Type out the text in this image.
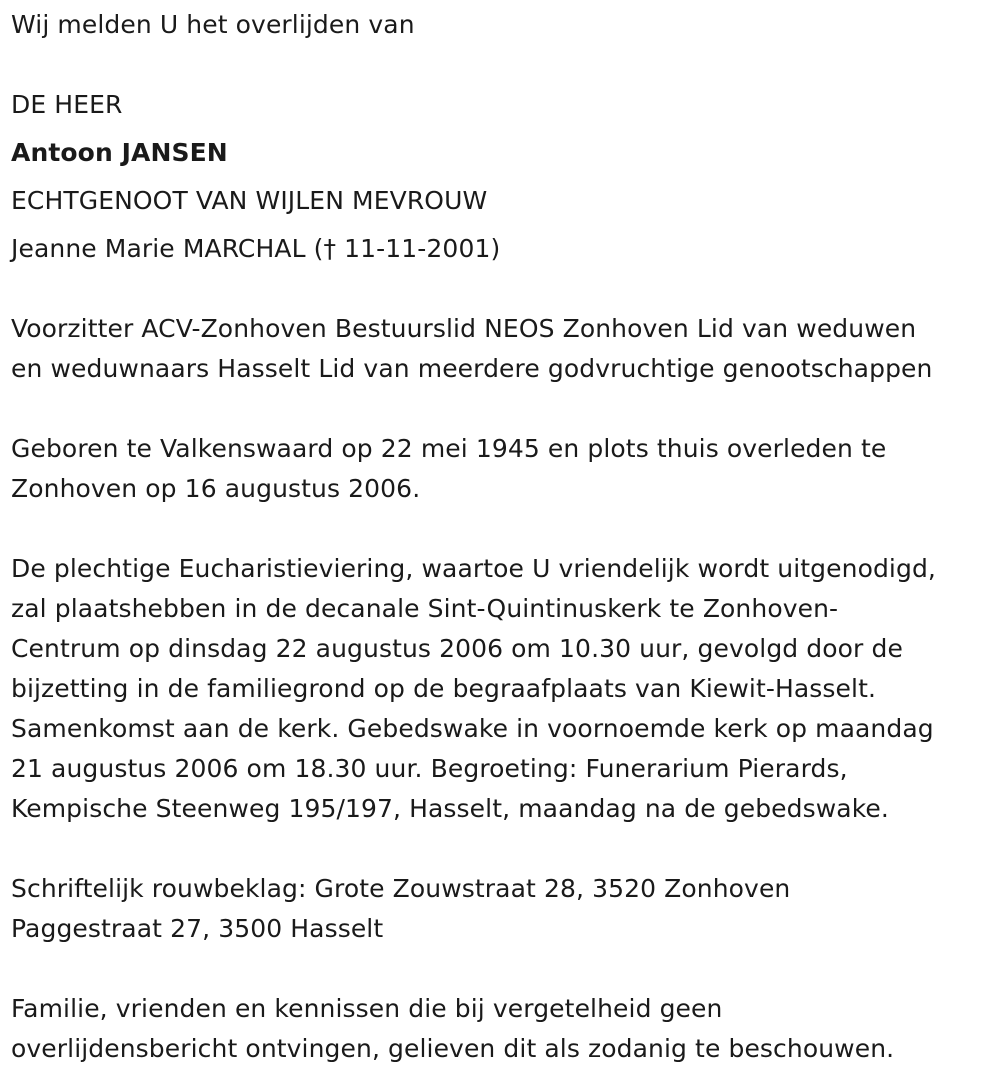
Wij melden U het overlijden van
DE HEER
Antoon JANSEN
ECHTGENOOT VAN WIJLEN MEVROUW
Jeanne Marie MARCHAL († 11-11-2001)
Voorzitter ACV-Zonhoven Bestuurslid NEOS Zonhoven Lid van weduwen
en weduwnaars Hasselt Lid van meerdere godvruchtige genootschappen
Geboren te Valkenswaard op 22 mei 1945 en plots thuis overleden te
Zonhoven op 16 augustus 2006.
De plechtige Eucharistieviering, waartoe U vriendelijk wordt uitgenodigd,
zal plaatshebben in de decanale Sint-Quintinuskerk te Zonhoven-
Centrum op dinsdag 22 augustus 2006 om 10.30 uur, gevolgd door de
bijzetting in de familiegrond op de begraafplaats van Kiewit-Hasselt.
Samenkomst aan de kerk. Gebedswake in voornoemde kerk op maandag
21 augustus 2006 om 18.30 uur. Begroeting: Funerarium Pierards,
Kempische Steenweg 195/197, Hasselt, maandag na de gebedswake.
Schriftelijk rouwbeklag: Grote Zouwstraat 28, 3520 Zonhoven
Paggestraat 27, 3500 Hasselt
Familie, vrienden en kennissen die bij vergetelheid geen
overlijdensbericht ontvingen, gelieven dit als zodanig te beschouwen.
